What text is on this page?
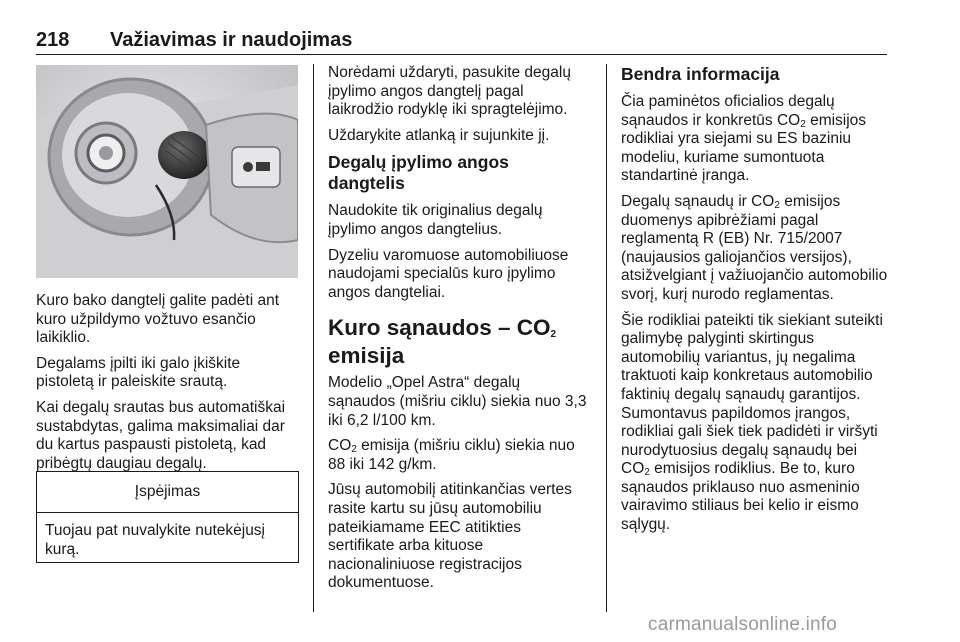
218 Važiavimas ir naudojimas

Kuro bako dangtelį galite padėti ant kuro užpildymo vožtuvo esančio laikiklio.

Degalams įpilti iki galo įkiškite pistoletą ir paleiskite srautą.

Kai degalų srautas bus automatiškai sustabdytas, galima maksimaliai dar du kartus paspausti pistoletą, kad pribėgtų daugiau degalų.

Įspėjimas
Tuojau pat nuvalykite nutekėjusį kurą.

Norėdami uždaryti, pasukite degalų įpylimo angos dangtelį pagal laikrodžio rodyklę iki spragtelėjimo.

Uždarykite atlanką ir sujunkite jį.

Degalų įpylimo angos dangtelis

Naudokite tik originalius degalų įpylimo angos dangtelius.

Dyzeliu varomuose automobiliuose naudojami specialūs kuro įpylimo angos dangteliai.

Kuro sąnaudos – $CO_2$
emisija

Modelio „Opel Astra“ degalų sąnaudos (mišriu ciklu) siekia nuo 3,3 iki 6,2 l/100 km.

$CO_2$ emisija (mišriu ciklu) siekia nuo 88 iki 142 g/km.

Jūsų automobilį atitinkančias vertes rasite kartu su jūsų automobiliu pateikiamame EEC atitikties sertifikate arba kituose nacionaliniuose registracijos dokumentuose.

Bendra informacija

Čia paminėtos oficialios degalų sąnaudos ir konkretūs $CO_2$ emisijos rodikliai yra siejami su ES baziniu modeliu, kuriame sumontuota standartinė įranga.

Degalų sąnaudų ir $CO_2$ emisijos duomenys apibrėžiami pagal reglamentą R (EB) Nr. 715/2007 (naujausios galiojančios versijos), atsižvelgiant į važiuojančio automobilio svorį, kurį nurodo reglamentas.

Šie rodikliai pateikti tik siekiant suteikti galimybę palyginti skirtingus automobilių variantus, jų negalima traktuoti kaip konkretaus automobilio faktinių degalų sąnaudų garantijos. Sumontavus papildomos įrangos, rodikliai gali šiek tiek padidėti ir viršyti nurodytuosius degalų sąnaudų bei $CO_2$ emisijos rodiklius. Be to, kuro sąnaudos priklauso nuo asmeninio vairavimo stiliaus bei kelio ir eismo sąlygų.

carmanualsonline.info
